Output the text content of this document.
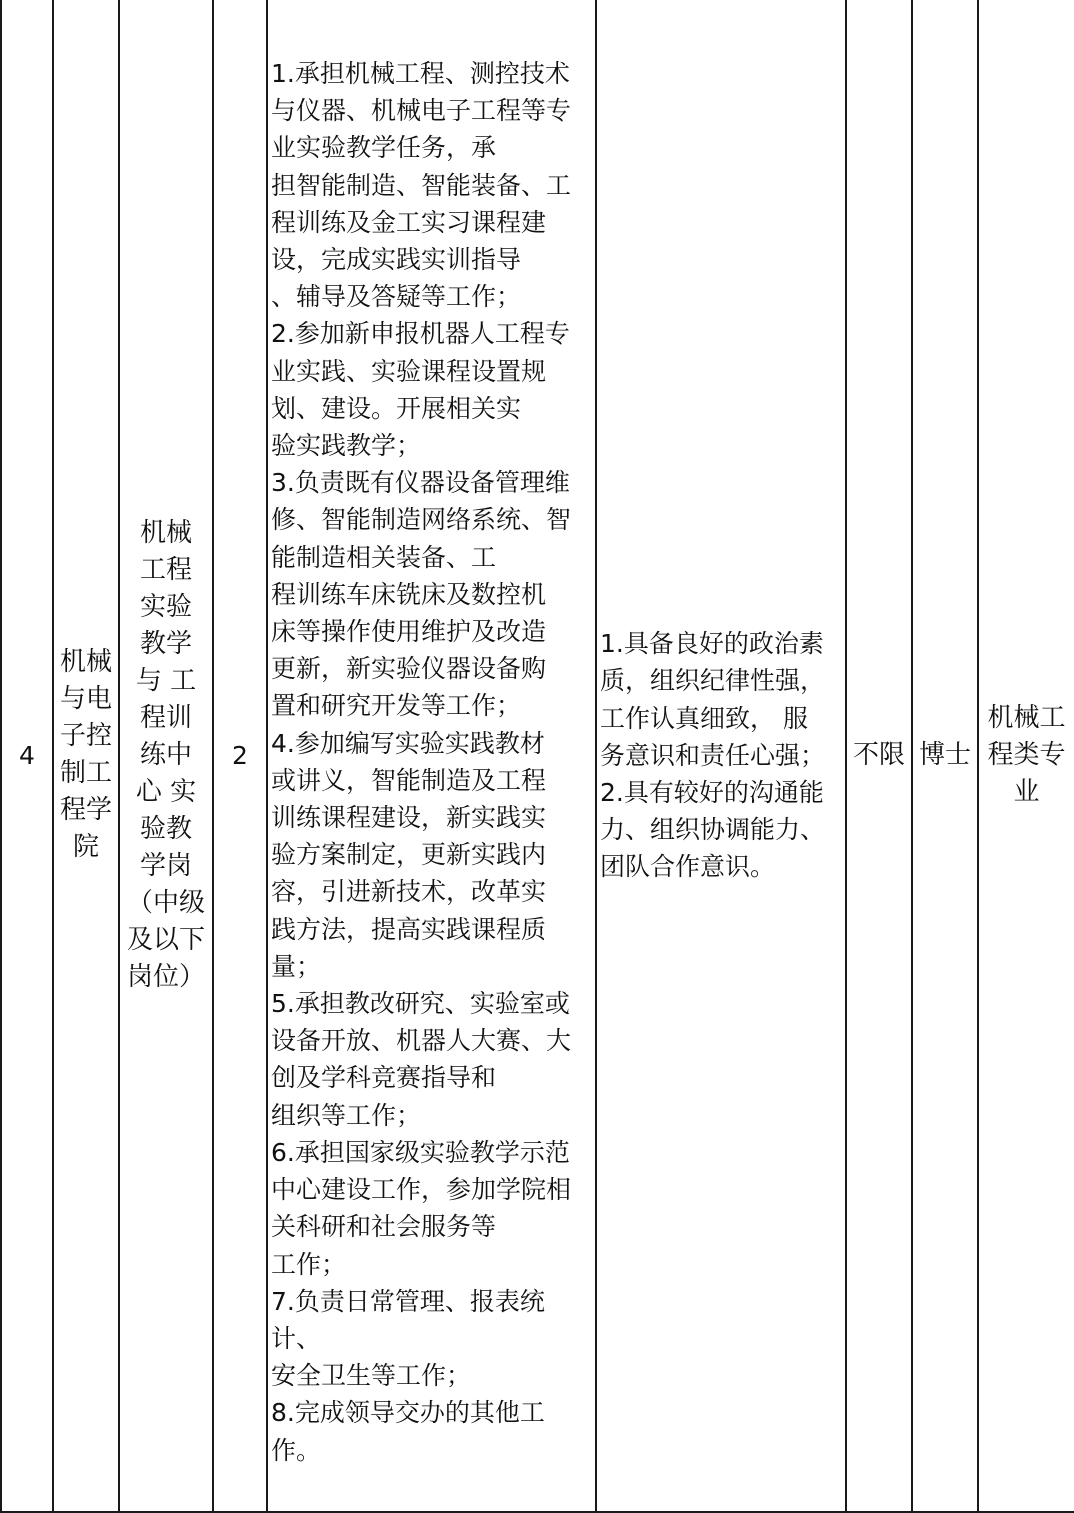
4

机械
与电
子控
制工
程学
院

机械
工程
实验
教学
与 工
程训
练中
心 实
验教
学岗
（中级
及以下
岗位）

2

1.承担机械工程、测控技术
与仪器、机械电子工程等专
业实验教学任务，承
担智能制造、智能装备、工
程训练及金工实习课程建
设，完成实践实训指导
、辅导及答疑等工作；
2.参加新申报机器人工程专
业实践、实验课程设置规
划、建设。开展相关实
验实践教学；
3.负责既有仪器设备管理维
修、智能制造网络系统、智
能制造相关装备、工
程训练车床铣床及数控机
床等操作使用维护及改造
更新，新实验仪器设备购
置和研究开发等工作；
4.参加编写实验实践教材
或讲义，智能制造及工程
训练课程建设，新实践实
验方案制定，更新实践内
容，引进新技术，改革实
践方法，提高实践课程质
量；
5.承担教改研究、实验室或
设备开放、机器人大赛、大
创及学科竞赛指导和
组织等工作；
6.承担国家级实验教学示范
中心建设工作，参加学院相
关科研和社会服务等
工作；
7.负责日常管理、报表统计、
安全卫生等工作；
8.完成领导交办的其他工
作。

1.具备良好的政治素
质，组织纪律性强，
工作认真细致， 服
务意识和责任心强；
2.具有较好的沟通能
力、组织协调能力、
团队合作意识。

不限	博士

机械工
程类专
业
